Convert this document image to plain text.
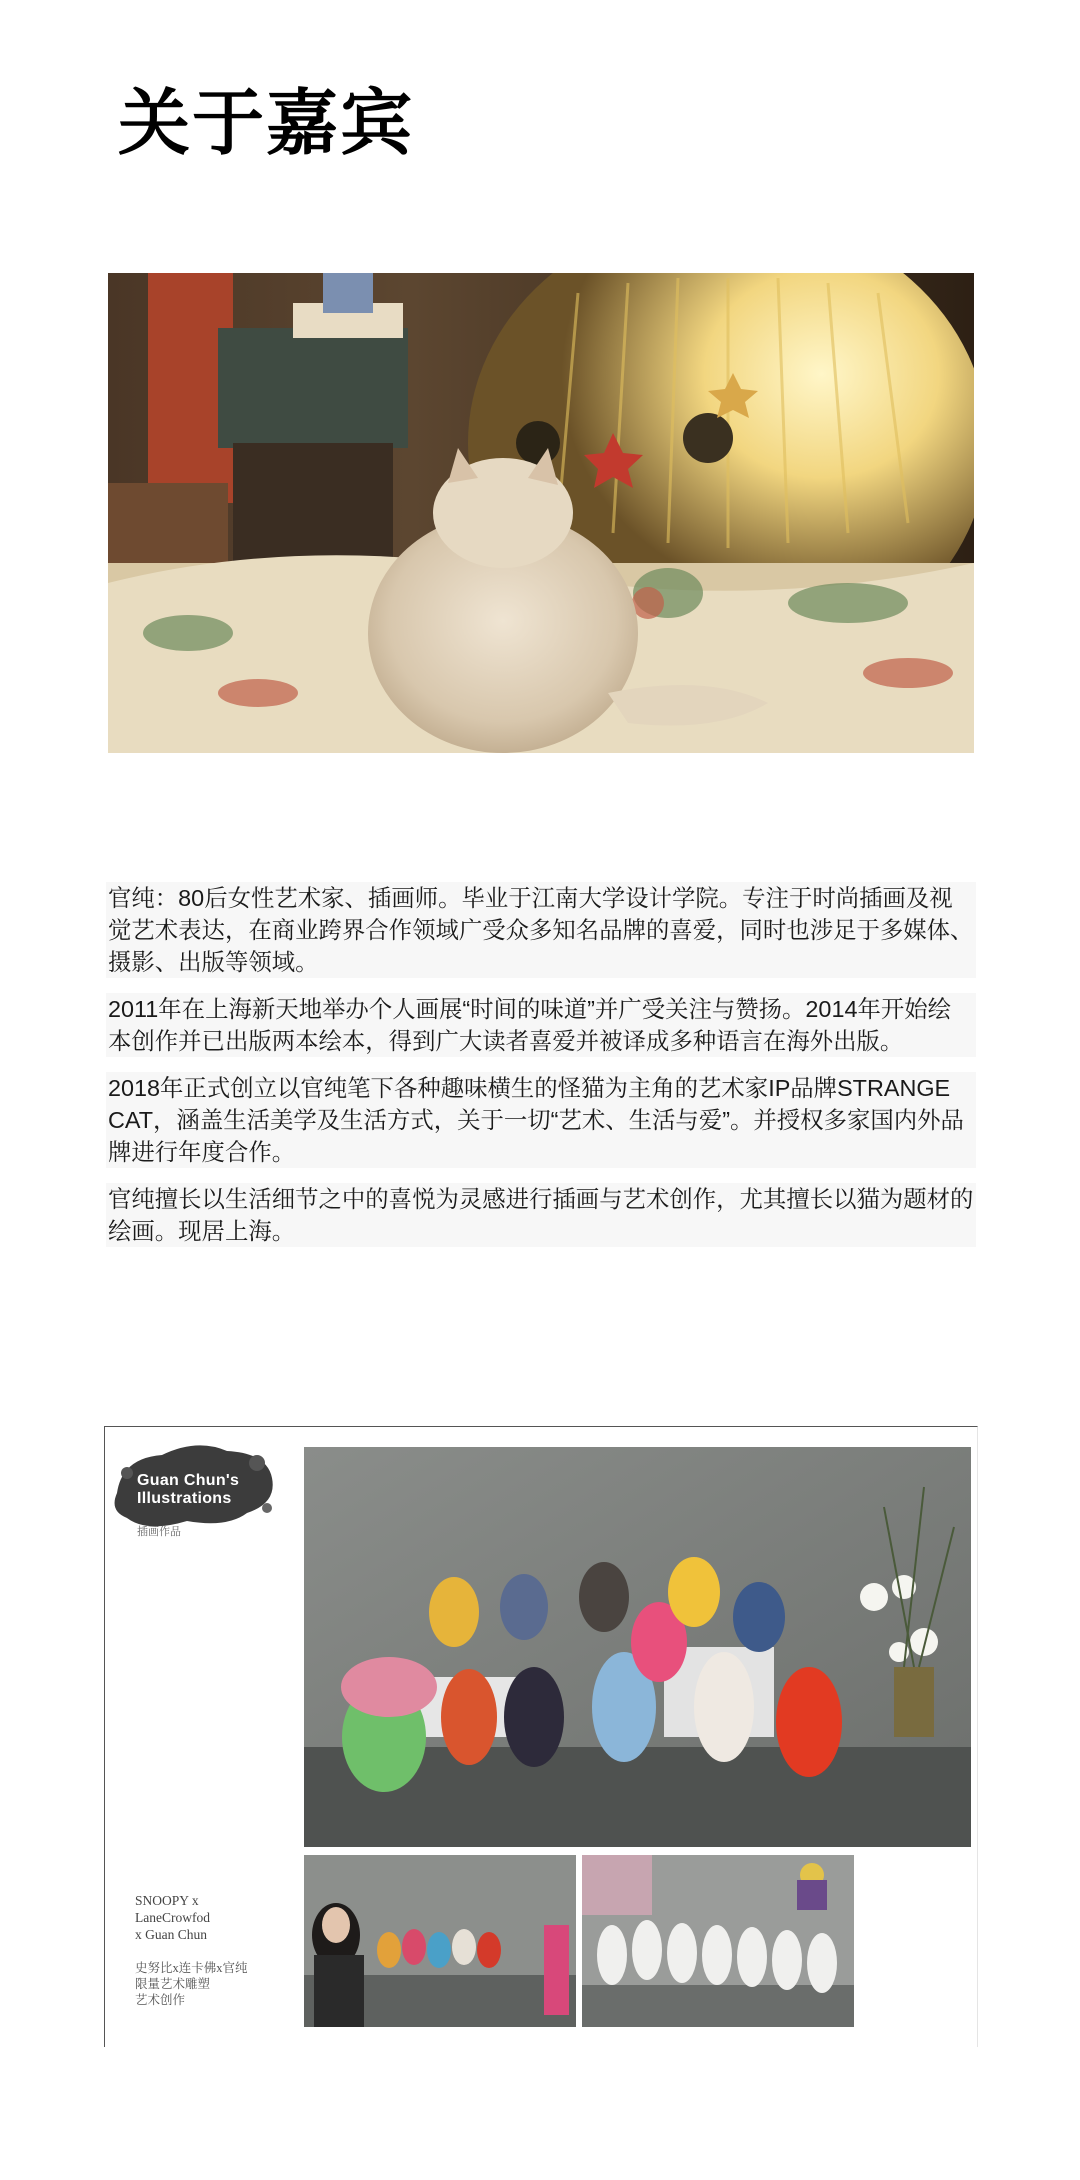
关于嘉宾

官纯：80后女性艺术家、插画师。毕业于江南大学设计学院。专注于时尚插画及视觉艺术表达，在商业跨界合作领域广受众多知名品牌的喜爱，同时也涉足于多媒体、摄影、出版等领域。

2011年在上海新天地举办个人画展“时间的味道”并广受关注与赞扬。2014年开始绘本创作并已出版两本绘本，得到广大读者喜爱并被译成多种语言在海外出版。

2018年正式创立以官纯笔下各种趣味横生的怪猫为主角的艺术家IP品牌STRANGE CAT，涵盖生活美学及生活方式，关于一切“艺术、生活与爱”。并授权多家国内外品牌进行年度合作。

官纯擅长以生活细节之中的喜悦为灵感进行插画与艺术创作，尤其擅长以猫为题材的绘画。现居上海。

Guan Chun's
Illustrations
插画作品
SNOOPY x
LaneCrowfod
x Guan Chun
史努比x连卡佛x官纯
限量艺术雕塑
艺术创作
